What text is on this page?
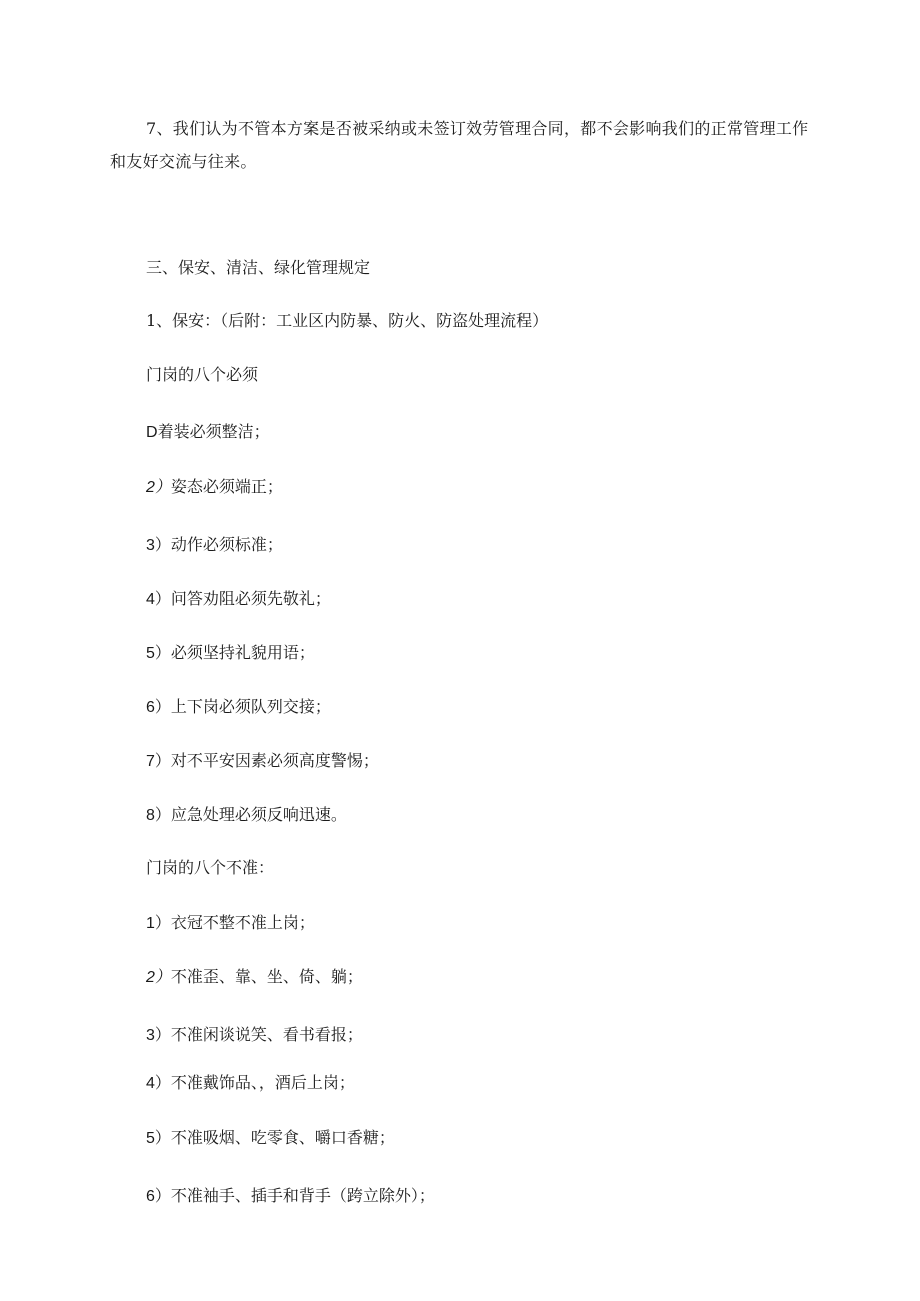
7、我们认为不管本方案是否被采纳或未签订效劳管理合同，都不会影响我们的正常管理工作和友好交流与往来。
三、保安、清洁、绿化管理规定
1、保安：（后附：工业区内防暴、防火、防盗处理流程）
门岗的八个必须
D着装必须整洁；
2）姿态必须端正；
3）动作必须标准；
4）问答劝阻必须先敬礼；
5）必须坚持礼貌用语；
6）上下岗必须队列交接；
7）对不平安因素必须高度警惕；
8）应急处理必须反响迅速。
门岗的八个不准：
1）衣冠不整不准上岗；
2）不准歪、靠、坐、倚、躺；
3）不准闲谈说笑、看书看报；
4）不准戴饰品、，酒后上岗；
5）不准吸烟、吃零食、嚼口香糖；
6）不准袖手、插手和背手（跨立除外）；
